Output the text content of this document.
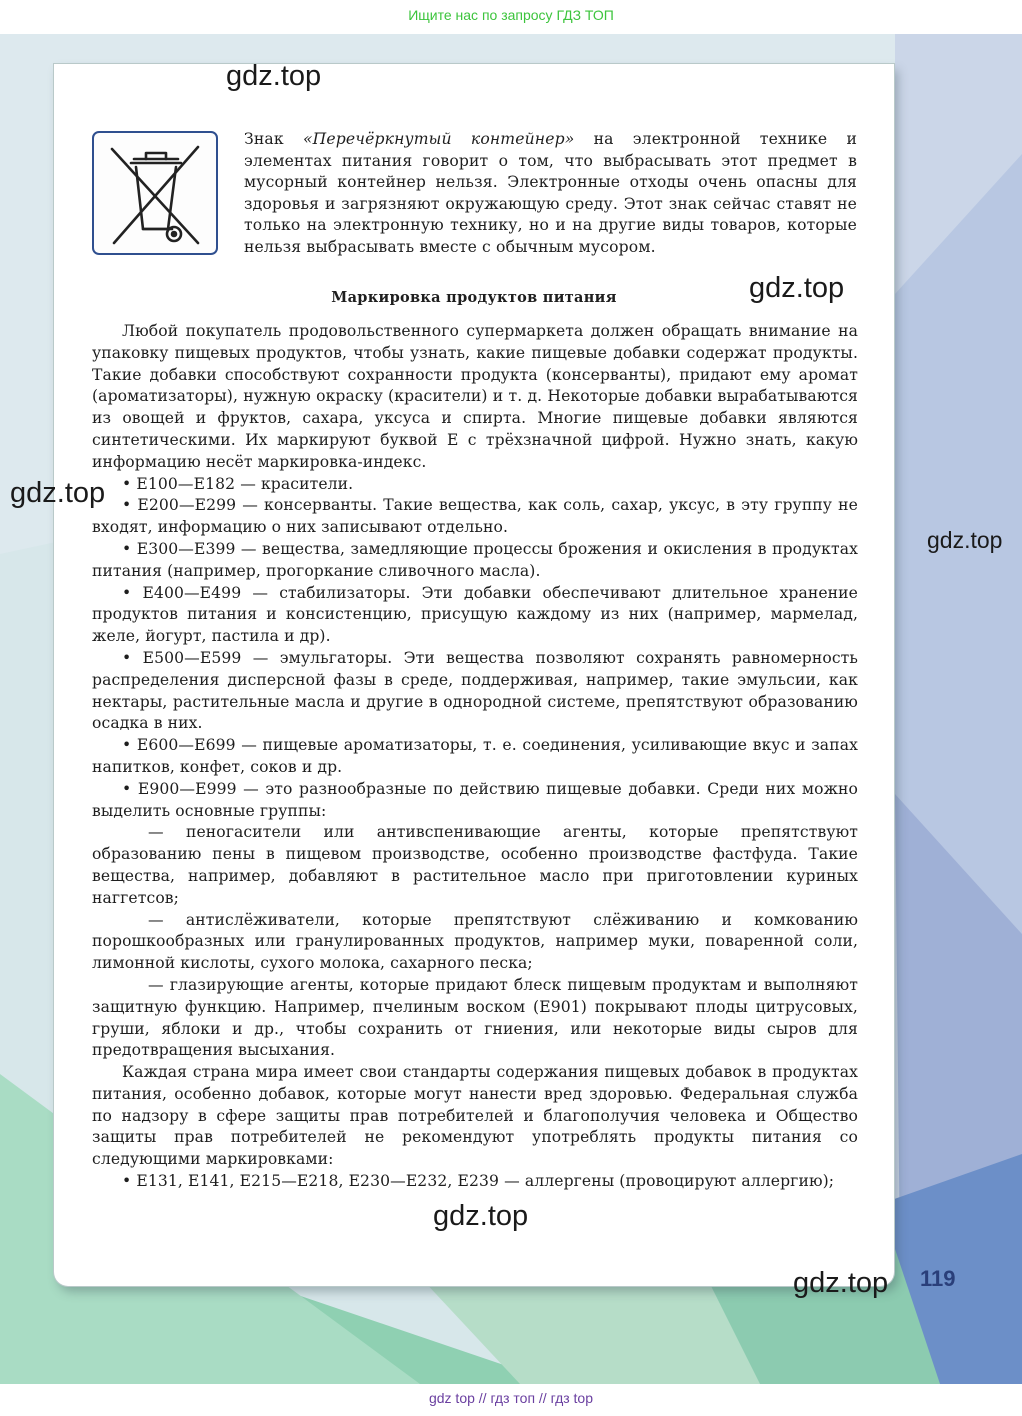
Ищите нас по запросу ГДЗ ТОП
gdz.top
gdz.top
gdz.top
gdz.top
gdz.top
gdz.top
Знак «Перечёркнутый контейнер» на электронной технике и элементах питания говорит о том, что выбрасывать этот предмет в мусорный контейнер нельзя. Электронные отходы очень опасны для здоровья и загрязняют окружающую среду. Этот знак сейчас ставят не только на электронную технику, но и на другие виды товаров, которые нельзя выбрасывать вместе с обычным мусором.
Маркировка продуктов питания

Любой покупатель продовольственного супермаркета должен обращать внимание на упаковку пищевых продуктов, чтобы узнать, какие пищевые добавки содержат продукты. Такие добавки способствуют сохранности продукта (консерванты), придают ему аромат (ароматизаторы), нужную окраску (красители) и т. д. Некоторые добавки вырабатываются из овощей и фруктов, сахара, уксуса и спирта. Многие пищевые добавки являются синтетическими. Их маркируют буквой Е с трёхзначной цифрой. Нужно знать, какую информацию несёт маркировка-индекс.

• Е100—Е182 — красители.

• Е200—Е299 — консерванты. Такие вещества, как соль, сахар, уксус, в эту группу не входят, информацию о них записывают отдельно.

• Е300—Е399 — вещества, замедляющие процессы брожения и окисления в продуктах питания (например, прогоркание сливочного масла).

• Е400—Е499 — стабилизаторы. Эти добавки обеспечивают длительное хранение продуктов питания и консистенцию, присущую каждому из них (например, мармелад, желе, йогурт, пастила и др).

• Е500—Е599 — эмульгаторы. Эти вещества позволяют сохранять равномерность распределения дисперсной фазы в среде, поддерживая, например, такие эмульсии, как нектары, растительные масла и другие в однородной системе, препятствуют образованию осадка в них.

• Е600—Е699 — пищевые ароматизаторы, т. е. соединения, усиливающие вкус и запах напитков, конфет, соков и др.

• Е900—Е999 — это разнообразные по действию пищевые добавки. Среди них можно выделить основные группы:

— пеногасители или антивспенивающие агенты, которые препятствуют образованию пены в пищевом производстве, особенно производстве фастфуда. Такие вещества, например, добавляют в растительное масло при приготовлении куриных наггетсов;

— антислёживатели, которые препятствуют слёживанию и комкованию порошкообразных или гранулированных продуктов, например муки, поваренной соли, лимонной кислоты, сухого молока, сахарного песка;

— глазирующие агенты, которые придают блеск пищевым продуктам и выполняют защитную функцию. Например, пчелиным воском (Е901) покрывают плоды цитрусовых, груши, яблоки и др., чтобы сохранить от гниения, или некоторые виды сыров для предотвращения высыхания.

Каждая страна мира имеет свои стандарты содержания пищевых добавок в продуктах питания, особенно добавок, которые могут нанести вред здоровью. Федеральная служба по надзору в сфере защиты прав потребителей и благополучия человека и Общество защиты прав потребителей не рекомендуют употреблять продукты питания со следующими маркировками:

• Е131, Е141, Е215—Е218, Е230—Е232, Е239 — аллергены (провоцируют аллергию);

119
gdz top // гдз топ // гдз top
